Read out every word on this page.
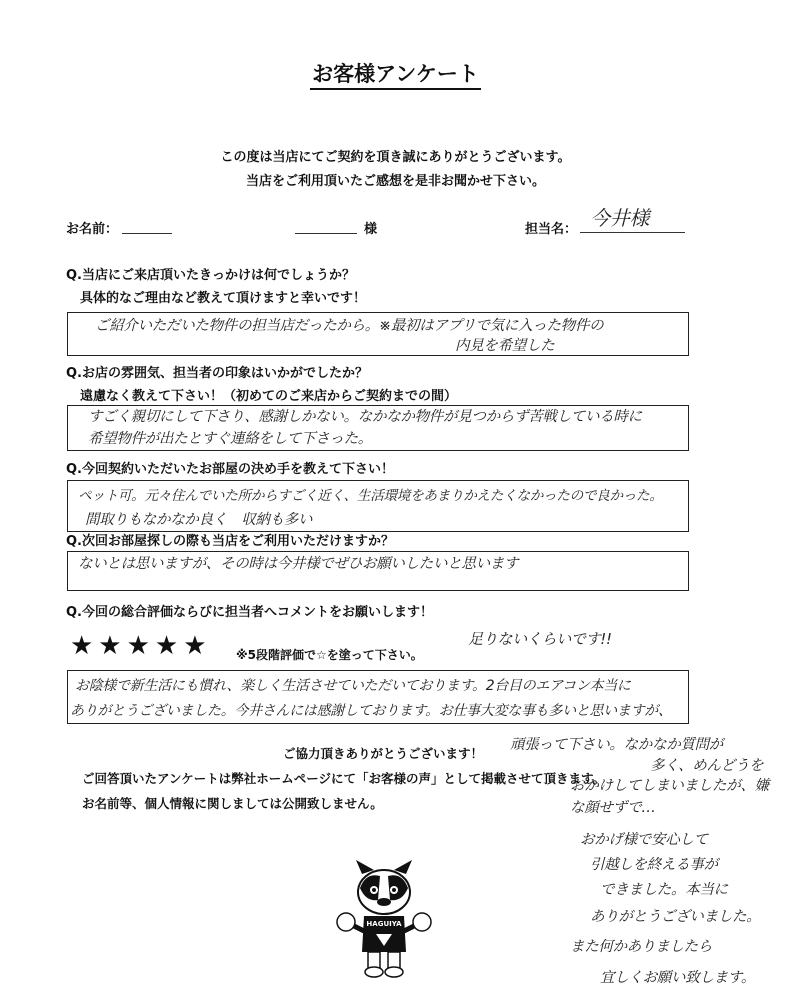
お客様アンケート
この度は当店にてご契約を頂き誠にありがとうございます。
当店をご利用頂いたご感想を是非お聞かせ下さい。
お名前：	様	担当名： 今井様
Q.当店にご来店頂いたきっかけは何でしょうか？
具体的なご理由など教えて頂けますと幸いです！
ご紹介いただいた物件の担当店だったから。※最初はアプリで気に入った物件の
内見を希望した
Q.お店の雰囲気、担当者の印象はいかがでしたか？
遠慮なく教えて下さい！（初めてのご来店からご契約までの間）
すごく親切にして下さり、感謝しかない。なかなか物件が見つからず苦戦している時に
希望物件が出たとすぐ連絡をして下さった。
Q.今回契約いただいたお部屋の決め手を教えて下さい！
ペット可。元々住んでいた所からすごく近く、生活環境をあまりかえたくなかったので良かった。
間取りもなかなか良く　収納も多い
Q.次回お部屋探しの際も当店をご利用いただけますか？
ないとは思いますが、その時は今井様でぜひお願いしたいと思います
Q.今回の総合評価ならびに担当者へコメントをお願いします！
★★★★★ ※5段階評価で☆を塗って下さい。
足りないくらいです!!
お陰様で新生活にも慣れ、楽しく生活させていただいております。2台目のエアコン本当に
ありがとうございました。今井さんには感謝しております。お仕事大変な事も多いと思いますが、
頑張って下さい。なかなか質問が
多く、めんどうを
おかけしてしまいましたが、嫌な顔せずで…
おかげ様で安心して
引越しを終える事が
できました。本当に
ありがとうございました。
また何かありましたら
宜しくお願い致します。
ご協力頂きありがとうございます！
ご回答頂いたアンケートは弊社ホームページにて「お客様の声」として掲載させて頂きます。
お名前等、個人情報に関しましては公開致しません。
HAGUIYA
